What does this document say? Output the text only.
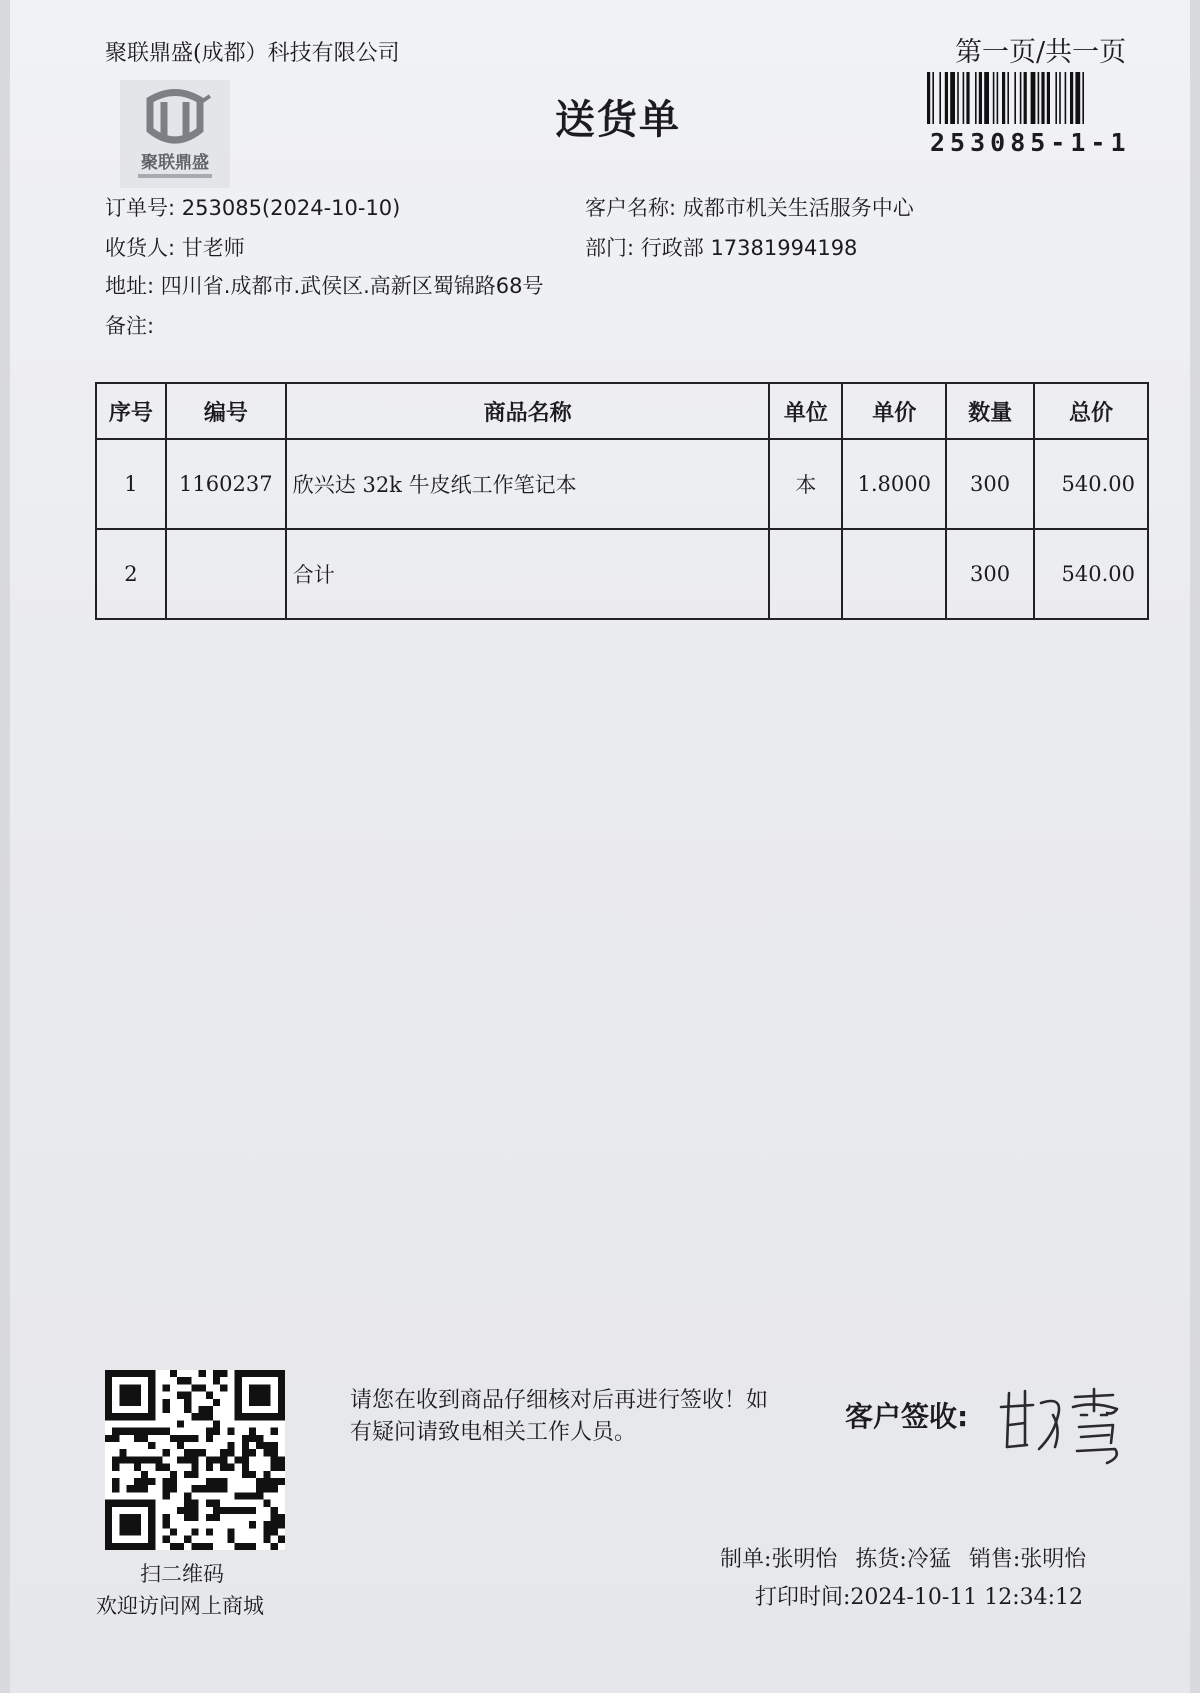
聚联鼎盛(成都）科技有限公司
聚联鼎盛
送货单
第一页/共一页
253085-1-1
订单号: 253085(2024-10-10)
收货人: 甘老师
地址: 四川省.成都市.武侯区.高新区蜀锦路68号
备注:
客户名称: 成都市机关生活服务中心
部门: 行政部 17381994198
序号	编号	商品名称	单位	单价	数量	总价
1	1160237	欣兴达 32k 牛皮纸工作笔记本	本	1.8000	300	540.00
2		合计			300	540.00
扫二维码
欢迎访问网上商城
请您在收到商品仔细核对后再进行签收！如有疑问请致电相关工作人员。	客户签收:
制单:张明怡 拣货:冷猛 销售:张明怡
打印时间:2024-10-11 12:34:12
